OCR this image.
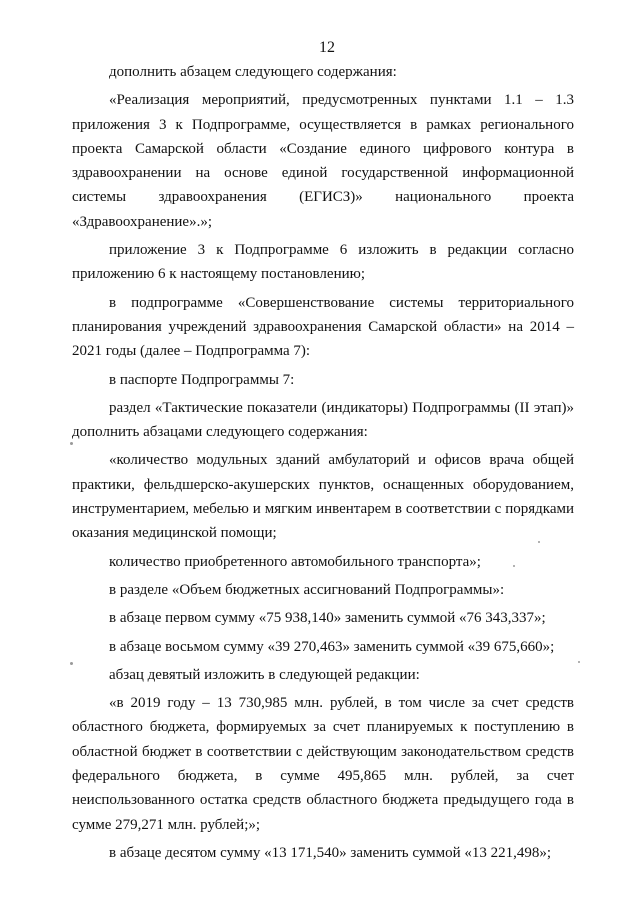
12

дополнить абзацем следующего содержания:

«Реализация мероприятий, предусмотренных пунктами 1.1 – 1.3 приложения 3 к Подпрограмме, осуществляется в рамках регионального проекта Самарской области «Создание единого цифрового контура в здравоохранении на основе единой государственной информационной системы здравоохранения (ЕГИСЗ)» национального проекта «Здравоохранение».»;

приложение 3 к Подпрограмме 6 изложить в редакции согласно приложению 6 к настоящему постановлению;

в подпрограмме «Совершенствование системы территориального планирования учреждений здравоохранения Самарской области» на 2014 – 2021 годы (далее – Подпрограмма 7):

в паспорте Подпрограммы 7:

раздел «Тактические показатели (индикаторы) Подпрограммы (II этап)» дополнить абзацами следующего содержания:

«количество модульных зданий амбулаторий и офисов врача общей практики, фельдшерско-акушерских пунктов, оснащенных оборудованием, инструментарием, мебелью и мягким инвентарем в соответствии с порядками оказания медицинской помощи;

количество приобретенного автомобильного транспорта»;

в разделе «Объем бюджетных ассигнований Подпрограммы»:

в абзаце первом сумму «75 938,140» заменить суммой «76 343,337»;

в абзаце восьмом сумму «39 270,463» заменить суммой «39 675,660»;

абзац девятый изложить в следующей редакции:

«в 2019 году – 13 730,985 млн. рублей, в том числе за счет средств областного бюджета, формируемых за счет планируемых к поступлению в областной бюджет в соответствии с действующим законодательством средств федерального бюджета, в сумме 495,865 млн. рублей, за счет неиспользованного остатка средств областного бюджета предыдущего года в сумме 279,271 млн. рублей;»;

в абзаце десятом сумму «13 171,540» заменить суммой «13 221,498»;
